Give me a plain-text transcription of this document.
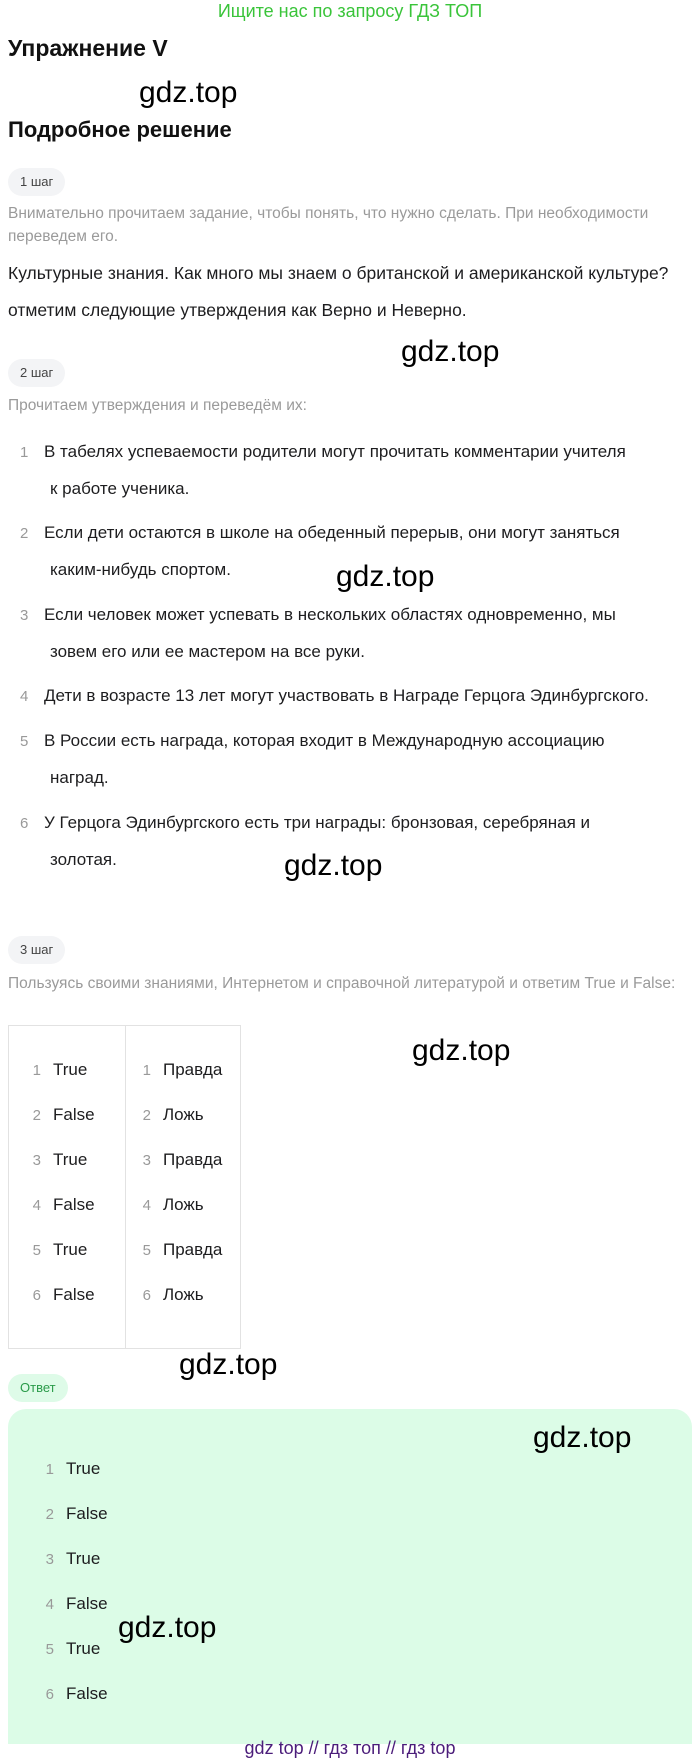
Ищите нас по запросу ГДЗ ТОП
Упражнение V
gdz.top
Подробное решение
1 шаг
Внимательно прочитаем задание, чтобы понять, что нужно сделать. При необходимости переведем его.
Культурные знания. Как много мы знаем о британской и американской культуре? отметим следующие утверждения как Верно и Неверно.
gdz.top
2 шаг
Прочитаем утверждения и переведём их:
1 В табелях успеваемости родители могут прочитать комментарии учителя
к работе ученика.
2 Если дети остаются в школе на обеденный перерыв, они могут заняться
каким-нибудь спортом.
3 Если человек может успевать в нескольких областях одновременно, мы
зовем его или ее мастером на все руки.
4 Дети в возрасте 13 лет могут участвовать в Награде Герцога Эдинбургского.
5 В России есть награда, которая входит в Международную ассоциацию
наград.
6 У Герцога Эдинбургского есть три награды: бронзовая, серебряная и
золотая.
gdz.top
gdz.top
3 шаг
Пользуясь своими знаниями, Интернетом и справочной литературой и ответим True и False:
1 True
2 False
3 True
4 False
5 True
6 False
1 Правда
2 Ложь
3 Правда
4 Ложь
5 Правда
6 Ложь
gdz.top
gdz.top
Ответ
1 True
2 False
3 True
4 False
5 True
6 False
gdz.top
gdz.top
gdz top // гдз топ // гдз top
